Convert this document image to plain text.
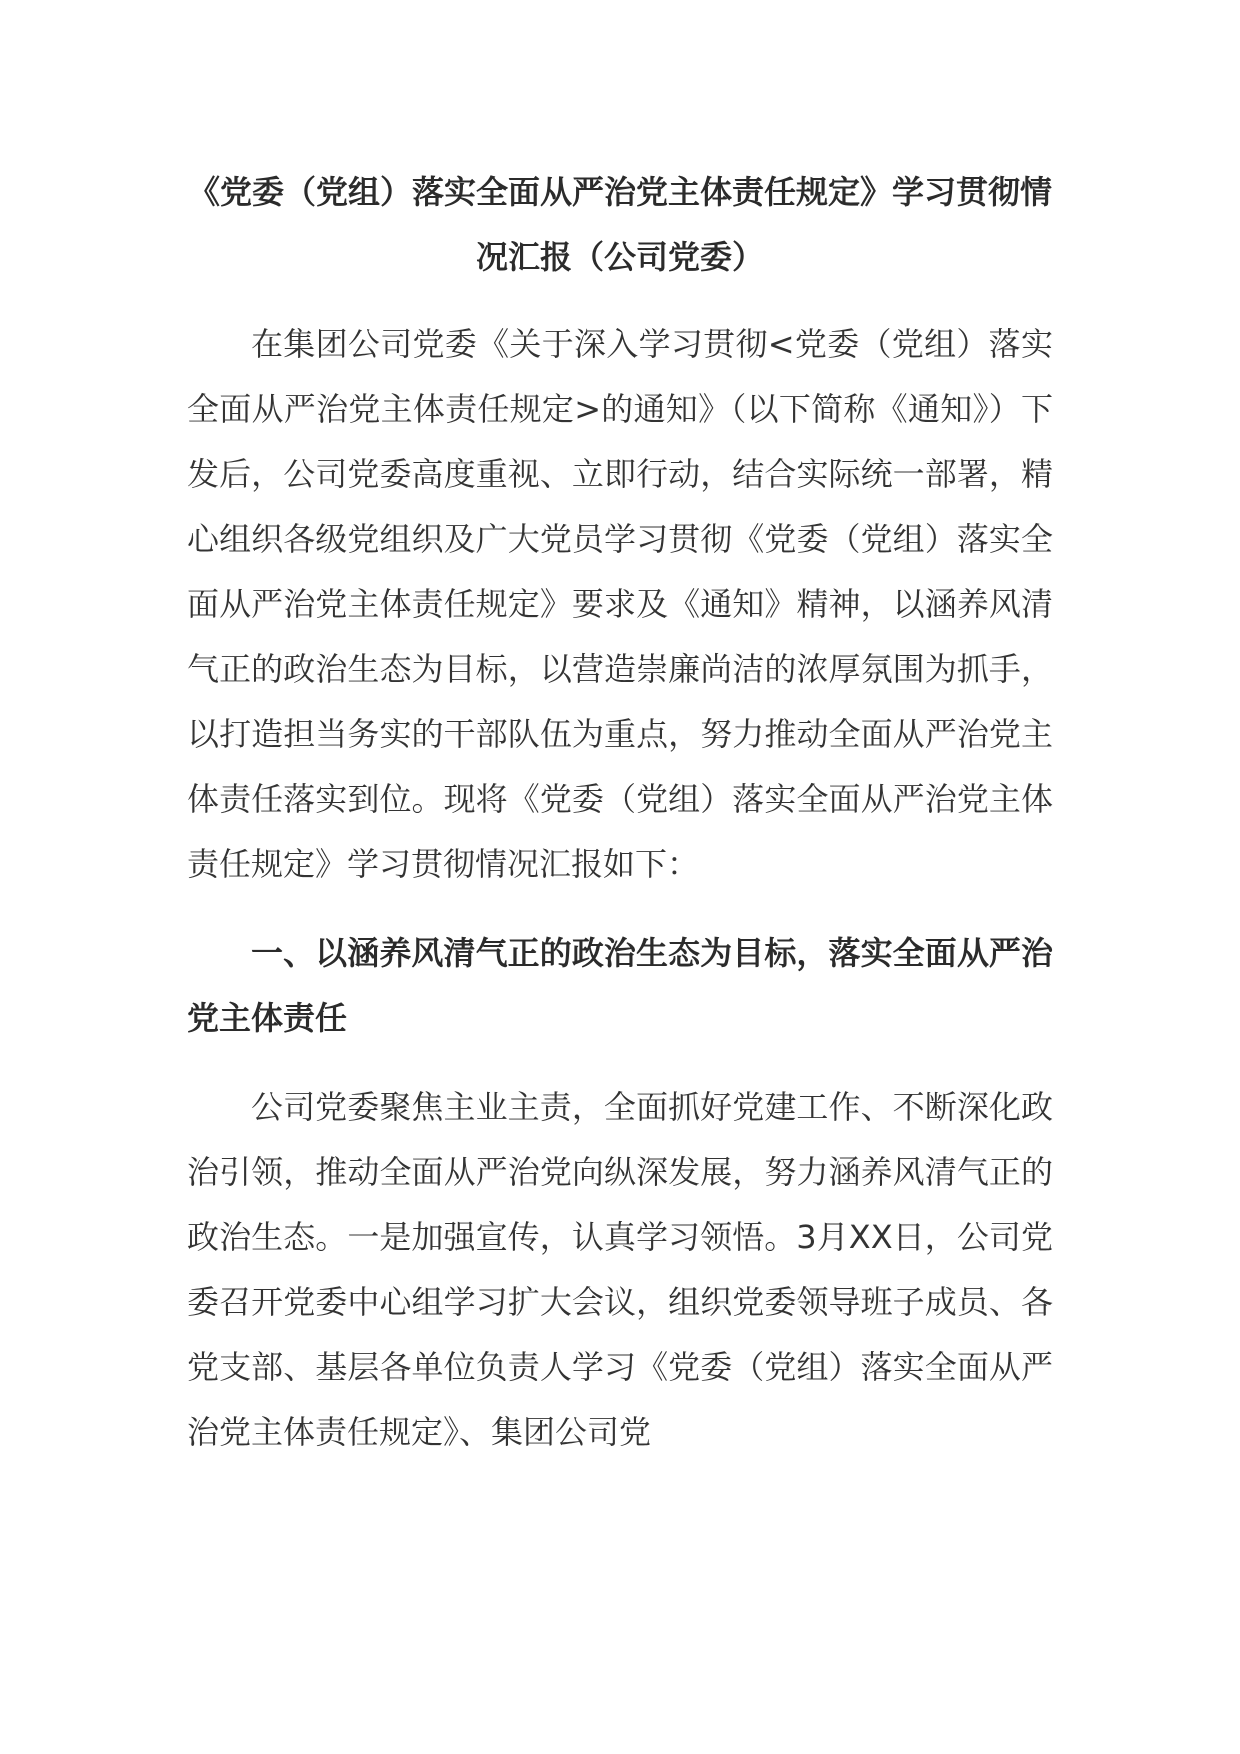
《党委（党组）落实全面从严治党主体责任规定》学习贯彻情况汇报（公司党委）

在集团公司党委《关于深入学习贯彻<党委（党组）落实全面从严治党主体责任规定>的通知》（以下简称《通知》）下发后，公司党委高度重视、立即行动，结合实际统一部署，精心组织各级党组织及广大党员学习贯彻《党委（党组）落实全面从严治党主体责任规定》要求及《通知》精神，以涵养风清气正的政治生态为目标，以营造崇廉尚洁的浓厚氛围为抓手，以打造担当务实的干部队伍为重点，努力推动全面从严治党主体责任落实到位。现将《党委（党组）落实全面从严治党主体责任规定》学习贯彻情况汇报如下：

一、以涵养风清气正的政治生态为目标，落实全面从严治党主体责任

公司党委聚焦主业主责，全面抓好党建工作、不断深化政治引领，推动全面从严治党向纵深发展，努力涵养风清气正的政治生态。一是加强宣传，认真学习领悟。3月XX日，公司党委召开党委中心组学习扩大会议，组织党委领导班子成员、各党支部、基层各单位负责人学习《党委（党组）落实全面从严治党主体责任规定》、集团公司党
